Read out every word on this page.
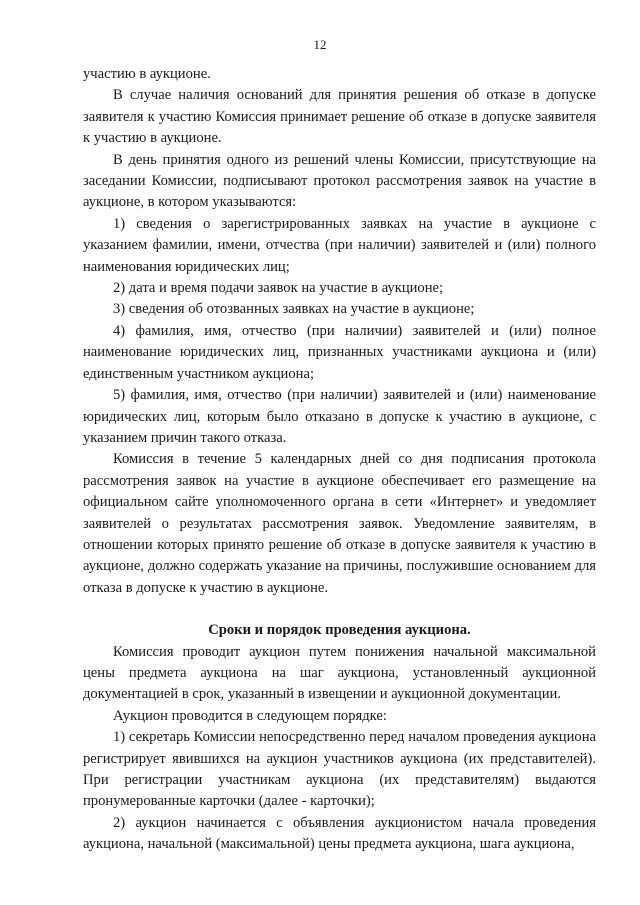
12

участию в аукционе.

В случае наличия оснований для принятия решения об отказе в допуске заявителя к участию Комиссия принимает решение об отказе в допуске заявителя к участию в аукционе.

В день принятия одного из решений члены Комиссии, присутствующие на заседании Комиссии, подписывают протокол рассмотрения заявок на участие в аукционе, в котором указываются:

1) сведения о зарегистрированных заявках на участие в аукционе с указанием фамилии, имени, отчества (при наличии) заявителей и (или) полного наименования юридических лиц;

2) дата и время подачи заявок на участие в аукционе;

3) сведения об отозванных заявках на участие в аукционе;

4) фамилия, имя, отчество (при наличии) заявителей и (или) полное наименование юридических лиц, признанных участниками аукциона и (или) единственным участником аукциона;

5) фамилия, имя, отчество (при наличии) заявителей и (или) наименование юридических лиц, которым было отказано в допуске к участию в аукционе, с указанием причин такого отказа.

Комиссия в течение 5 календарных дней со дня подписания протокола рассмотрения заявок на участие в аукционе обеспечивает его размещение на официальном сайте уполномоченного органа в сети «Интернет» и уведомляет заявителей о результатах рассмотрения заявок. Уведомление заявителям, в отношении которых принято решение об отказе в допуске заявителя к участию в аукционе, должно содержать указание на причины, послужившие основанием для отказа в допуске к участию в аукционе.

Сроки и порядок проведения аукциона.

Комиссия проводит аукцион путем понижения начальной максимальной цены предмета аукциона на шаг аукциона, установленный аукционной документацией в срок, указанный в извещении и аукционной документации.

Аукцион проводится в следующем порядке:

1) секретарь Комиссии непосредственно перед началом проведения аукциона регистрирует явившихся на аукцион участников аукциона (их представителей). При регистрации участникам аукциона (их представителям) выдаются пронумерованные карточки (далее - карточки);

2) аукцион начинается с объявления аукционистом начала проведения аукциона, начальной (максимальной) цены предмета аукциона, шага аукциона,
